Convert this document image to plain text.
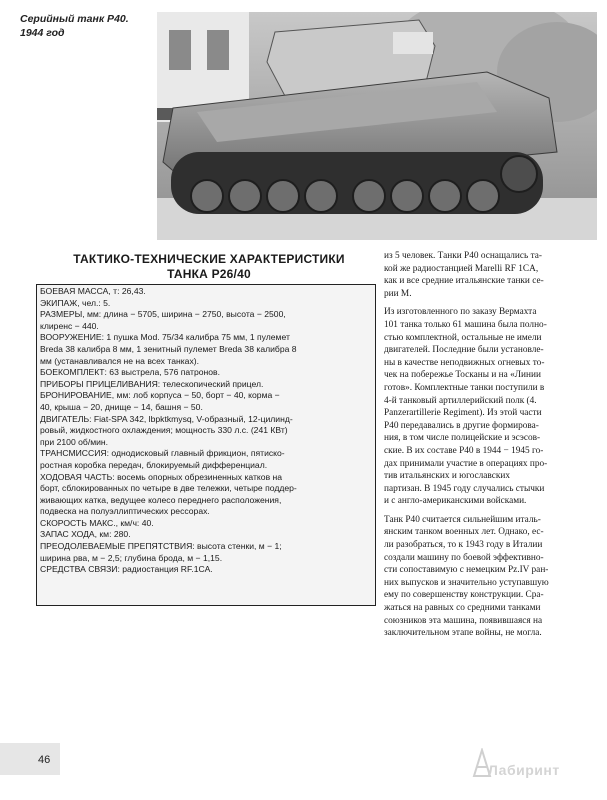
Серийный танк Р40.
1944 год
ТАКТИКО-ТЕХНИЧЕСКИЕ ХАРАКТЕРИСТИКИ
ТАНКА Р26/40
БОЕВАЯ МАССА, т: 26,43.
ЭКИПАЖ, чел.: 5.
РАЗМЕРЫ, мм: длина − 5705, ширина − 2750, высота − 2500,
клиренс − 440.
ВООРУЖЕНИЕ: 1 пушка Mod. 75/34 калибра 75 мм, 1 пулемет
Breda 38 калибра 8 мм, 1 зенитный пулемет Breda 38 калибра 8
мм (устанавливался не на всех танках).
БОЕКОМПЛЕКТ: 63 выстрела, 576 патронов.
ПРИБОРЫ ПРИЦЕЛИВАНИЯ: телескопический прицел.
БРОНИРОВАНИЕ, мм: лоб корпуса − 50, борт − 40, корма −
40, крыша − 20, днище − 14, башня − 50.
ДВИГАТЕЛЬ: Fiat-SPA 342, lbpktkmysq, V-образный, 12-цилинд-
ровый, жидкостного охлаждения; мощность 330 л.с. (241 КВт)
при 2100 об/мин.
ТРАНСМИССИЯ: однодисковый главный фрикцион, пятиско-
ростная коробка передач, блокируемый дифференциал.
ХОДОВАЯ ЧАСТЬ: восемь опорных обрезиненных катков на
борт, сблокированных по четыре в две тележки, четыре поддер-
живающих катка, ведущее колесо переднего расположения,
подвеска на полуэллиптических рессорах.
СКОРОСТЬ МАКС., км/ч: 40.
ЗАПАС ХОДА, км: 280.
ПРЕОДОЛЕВАЕМЫЕ ПРЕПЯТСТВИЯ: высота стенки, м − 1;
ширина рва, м − 2,5; глубина брода, м − 1,15.
СРЕДСТВА СВЯЗИ: радиостанция RF.1CA.
из 5 человек. Танки Р40 оснащались та-
кой же радиостанцией Marelli RF 1CA,
как и все средние итальянские танки се-
рии М.
Из изготовленного по заказу Вермахта
101 танка только 61 машина была полно-
стью комплектной, остальные не имели
двигателей. Последние были установле-
ны в качестве неподвижных огневых то-
чек на побережье Тосканы и на «Линии
готов». Комплектные танки поступили в
4-й танковый артиллерийский полк (4.
Panzerartillerie Regiment). Из этой части
Р40 передавались в другие формирова-
ния, в том числе полицейские и эсэсов-
ские. В их составе Р40 в 1944 − 1945 го-
дах принимали участие в операциях про-
тив итальянских и югославских
партизан. В 1945 году случались стычки
и с англо-американскими войсками.
Танк Р40 считается сильнейшим италь-
янским танком военных лет. Однако, ес-
ли разобраться, то к 1943 году в Италии
создали машину по боевой эффективно-
сти сопоставимую с немецким Pz.IV ран-
них выпусков и значительно уступавшую
ему по совершенству конструкции. Сра-
жаться на равных со средними танками
союзников эта машина, появившаяся на
заключительном этапе войны, не могла.
46
Лабиринт
